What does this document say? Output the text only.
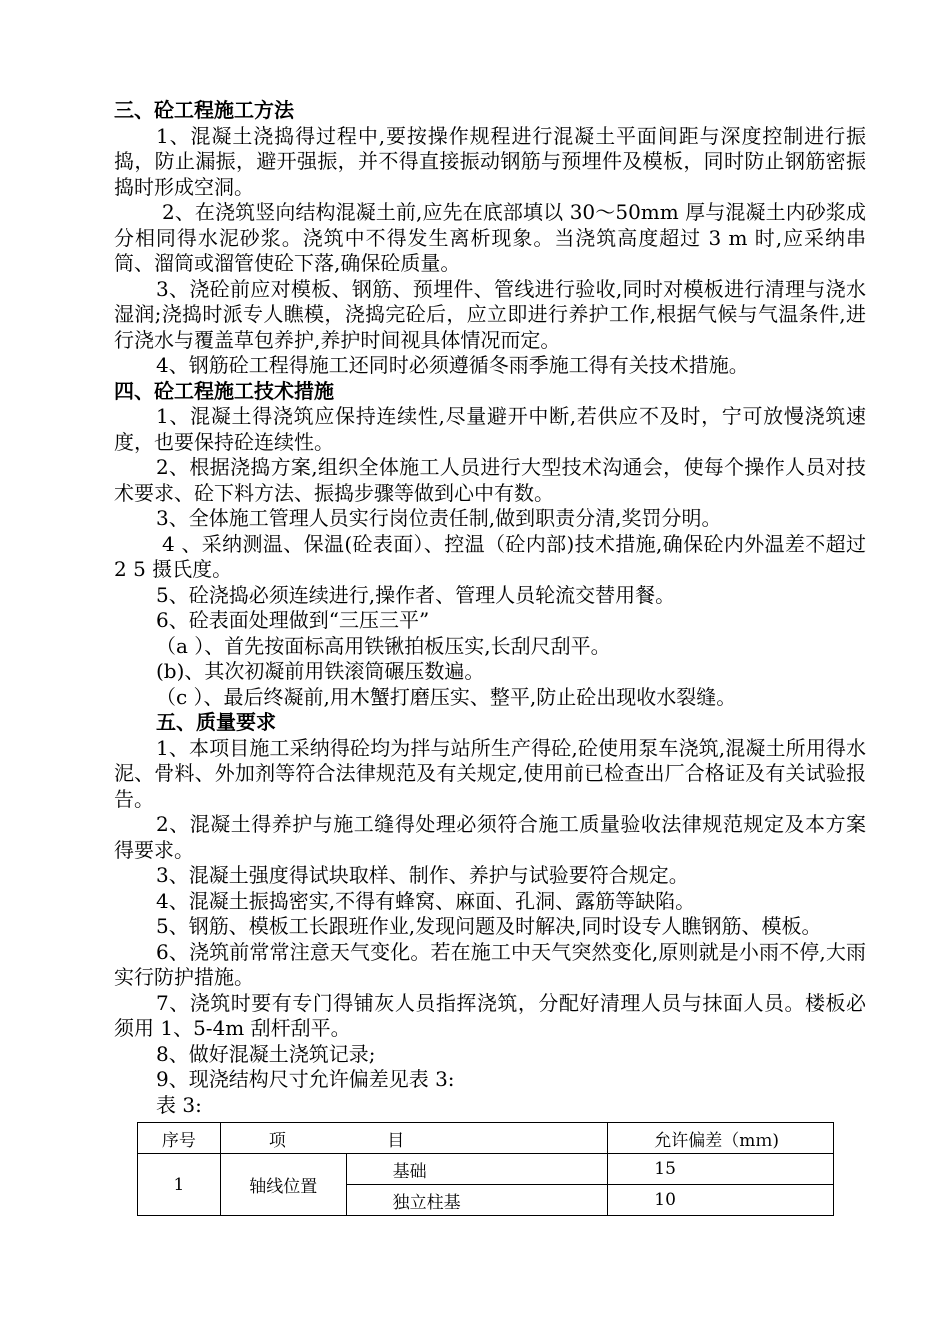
三、砼工程施工方法

1、混凝土浇捣得过程中,要按操作规程进行混凝土平面间距与深度控制进行振捣，防止漏振，避开强振，并不得直接振动钢筋与预埋件及模板，同时防止钢筋密振捣时形成空洞。

2、在浇筑竖向结构混凝土前,应先在底部填以 30～50mm 厚与混凝土内砂浆成分相同得水泥砂浆。浇筑中不得发生离析现象。当浇筑高度超过 3 m 时,应采纳串筒、溜筒或溜管使砼下落,确保砼质量。

3、浇砼前应对模板、钢筋、预埋件、管线进行验收,同时对模板进行清理与浇水湿润;浇捣时派专人瞧模，浇捣完砼后，应立即进行养护工作,根据气候与气温条件,进行浇水与覆盖草包养护,养护时间视具体情况而定。

4、钢筋砼工程得施工还同时必须遵循冬雨季施工得有关技术措施。

四、砼工程施工技术措施

1、混凝土得浇筑应保持连续性,尽量避开中断,若供应不及时，宁可放慢浇筑速度，也要保持砼连续性。

2、根据浇捣方案,组织全体施工人员进行大型技术沟通会，使每个操作人员对技术要求、砼下料方法、振捣步骤等做到心中有数。

3、全体施工管理人员实行岗位责任制,做到职责分清,奖罚分明。

4 、采纳测温、保温(砼表面）、控温（砼内部)技术措施,确保砼内外温差不超过 2 5 摄氏度。

5、砼浇捣必须连续进行,操作者、管理人员轮流交替用餐。

6、砼表面处理做到“三压三平”

（a ）、首先按面标高用铁锹拍板压实,长刮尺刮平。

(b)、其次初凝前用铁滚筒碾压数遍。

（c ）、最后终凝前,用木蟹打磨压实、整平,防止砼出现收水裂缝。

五、质量要求

1、本项目施工采纳得砼均为拌与站所生产得砼,砼使用泵车浇筑,混凝土所用得水泥、骨料、外加剂等符合法律规范及有关规定,使用前已检查出厂合格证及有关试验报告。

2、混凝土得养护与施工缝得处理必须符合施工质量验收法律规范规定及本方案得要求。

3、混凝土强度得试块取样、制作、养护与试验要符合规定。

4、混凝土振捣密实,不得有蜂窝、麻面、孔洞、露筋等缺陷。

5、钢筋、模板工长跟班作业,发现问题及时解决,同时设专人瞧钢筋、模板。

6、浇筑前常常注意天气变化。若在施工中天气突然变化,原则就是小雨不停,大雨实行防护措施。

7、浇筑时要有专门得铺灰人员指挥浇筑，分配好清理人员与抹面人员。楼板必须用 1、5-4m 刮杆刮平。

8、做好混凝土浇筑记录;

9、现浇结构尺寸允许偏差见表 3:

表 3:

序号	项 目		允许偏差（mｍ)
1	轴线位置	基础	15
		独立柱基	10
